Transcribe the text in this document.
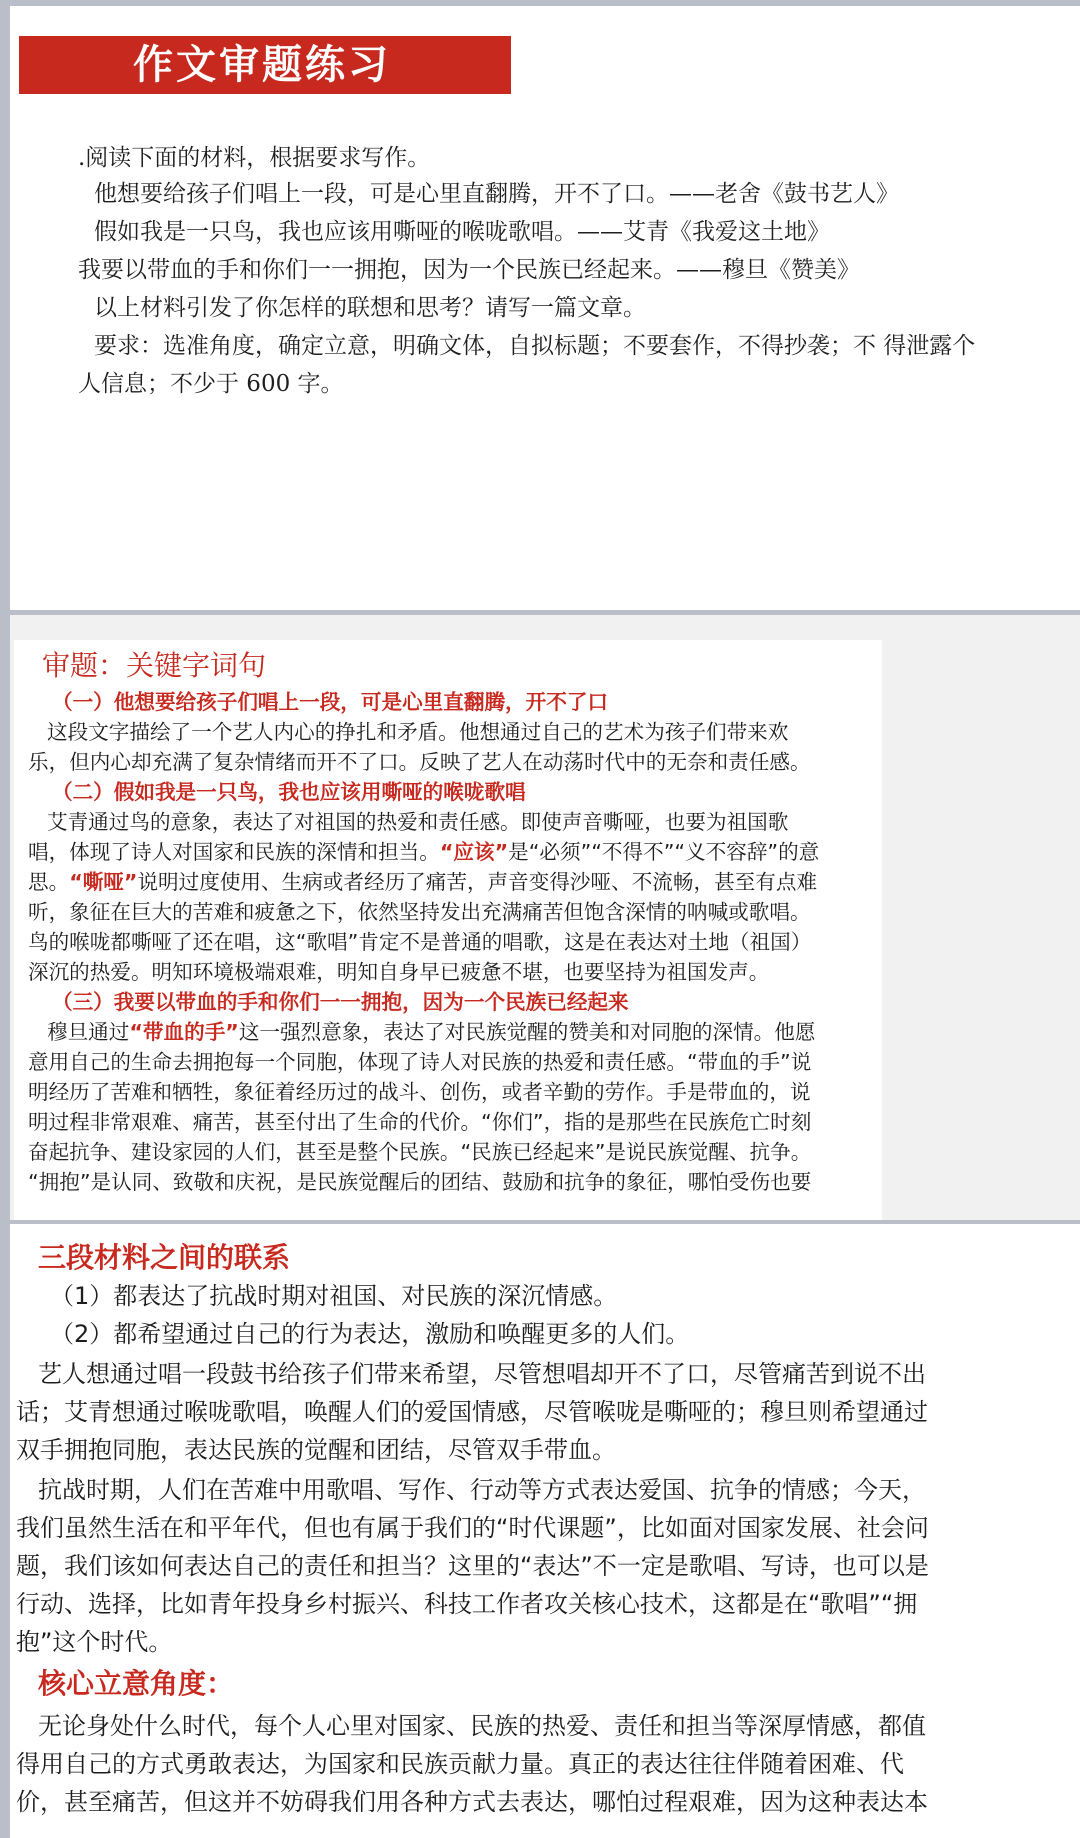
作文审题练习
.阅读下面的材料，根据要求写作。
他想要给孩子们唱上一段，可是心里直翻腾，开不了口。——老舍《鼓书艺人》
假如我是一只鸟，我也应该用嘶哑的喉咙歌唱。——艾青《我爱这土地》
我要以带血的手和你们一一拥抱，因为一个民族已经起来。——穆旦《赞美》
以上材料引发了你怎样的联想和思考？请写一篇文章。
要求：选准角度，确定立意，明确文体，自拟标题；不要套作，不得抄袭；不 得泄露个
人信息；不少于 600 字。
审题：关键字词句
（一）他想要给孩子们唱上一段，可是心里直翻腾，开不了口
这段文字描绘了一个艺人内心的挣扎和矛盾。他想通过自己的艺术为孩子们带来欢
乐，但内心却充满了复杂情绪而开不了口。反映了艺人在动荡时代中的无奈和责任感。
（二）假如我是一只鸟，我也应该用嘶哑的喉咙歌唱
艾青通过鸟的意象，表达了对祖国的热爱和责任感。即使声音嘶哑，也要为祖国歌
唱，体现了诗人对国家和民族的深情和担当。“应该”是“必须”“不得不”“义不容辞”的意
思。“嘶哑”说明过度使用、生病或者经历了痛苦，声音变得沙哑、不流畅，甚至有点难
听，象征在巨大的苦难和疲惫之下，依然坚持发出充满痛苦但饱含深情的呐喊或歌唱。
鸟的喉咙都嘶哑了还在唱，这“歌唱”肯定不是普通的唱歌，这是在表达对土地（祖国）
深沉的热爱。明知环境极端艰难，明知自身早已疲惫不堪，也要坚持为祖国发声。
（三）我要以带血的手和你们一一拥抱，因为一个民族已经起来
穆旦通过“带血的手”这一强烈意象，表达了对民族觉醒的赞美和对同胞的深情。他愿
意用自己的生命去拥抱每一个同胞，体现了诗人对民族的热爱和责任感。“带血的手”说
明经历了苦难和牺牲，象征着经历过的战斗、创伤，或者辛勤的劳作。手是带血的，说
明过程非常艰难、痛苦，甚至付出了生命的代价。“你们”，指的是那些在民族危亡时刻
奋起抗争、建设家园的人们，甚至是整个民族。“民族已经起来”是说民族觉醒、抗争。
“拥抱”是认同、致敬和庆祝，是民族觉醒后的团结、鼓励和抗争的象征，哪怕受伤也要
三段材料之间的联系
（1）都表达了抗战时期对祖国、对民族的深沉情感。
（2）都希望通过自己的行为表达，激励和唤醒更多的人们。
艺人想通过唱一段鼓书给孩子们带来希望，尽管想唱却开不了口，尽管痛苦到说不出
话；艾青想通过喉咙歌唱，唤醒人们的爱国情感，尽管喉咙是嘶哑的；穆旦则希望通过
双手拥抱同胞，表达民族的觉醒和团结，尽管双手带血。
抗战时期，人们在苦难中用歌唱、写作、行动等方式表达爱国、抗争的情感；今天，
我们虽然生活在和平年代，但也有属于我们的“时代课题”，比如面对国家发展、社会问
题，我们该如何表达自己的责任和担当？这里的“表达”不一定是歌唱、写诗，也可以是
行动、选择，比如青年投身乡村振兴、科技工作者攻关核心技术，这都是在“歌唱”“拥
抱”这个时代。
核心立意角度：
无论身处什么时代，每个人心里对国家、民族的热爱、责任和担当等深厚情感，都值
得用自己的方式勇敢表达，为国家和民族贡献力量。真正的表达往往伴随着困难、代
价，甚至痛苦，但这并不妨碍我们用各种方式去表达，哪怕过程艰难，因为这种表达本
